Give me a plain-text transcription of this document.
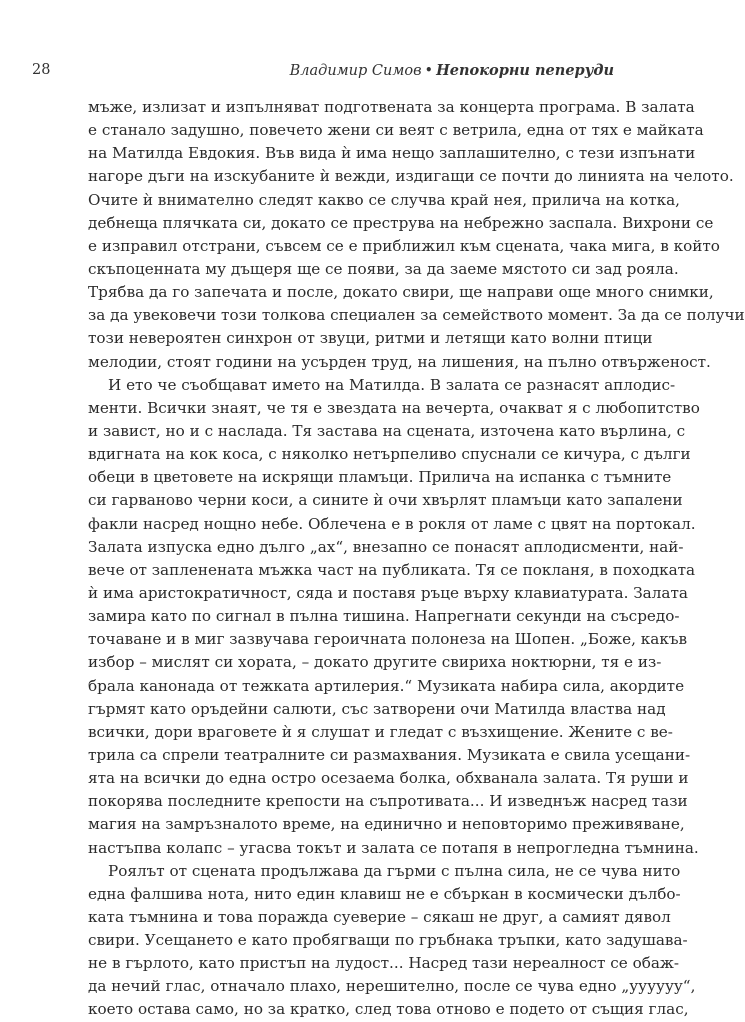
28	Владимир Симов • Непокорни пеперуди
мъже, излизат и изпълняват подготвената за концерта програма. В залата
е станало задушно, повечето жени си веят с ветрила, една от тях е майката
на Матилда Евдокия. Във вида ѝ има нещо заплашително, с тези изпънати
нагоре дъги на изскубаните ѝ вежди, издигащи се почти до линията на челото.
Очите ѝ внимателно следят какво се случва край нея, прилича на котка,
дебнеща плячката си, докато се преструва на небрежно заспала. Вихрони се
е изправил отстрани, съвсем се е приближил към сцената, чака мига, в който
скъпоценната му дъщеря ще се появи, за да заеме мястото си зад рояла.
Трябва да го запечата и после, докато свири, ще направи още много снимки,
за да увековечи този толкова специален за семейството момент. За да се получи
този невероятен синхрон от звуци, ритми и летящи като волни птици
мелодии, стоят години на усърден труд, на лишения, на пълно отвърженост.
И ето че съобщават името на Матилда. В залата се разнасят аплодис-
менти. Всички знаят, че тя е звездата на вечерта, очакват я с любопитство
и завист, но и с наслада. Тя застава на сцената, източена като върлина, с
вдигната на кок коса, с няколко нетърпеливо спуснали се кичура, с дълги
обеци в цветовете на искрящи пламъци. Прилича на испанка с тъмните
си гарваново черни коси, а сините ѝ очи хвърлят пламъци като запалени
факли насред нощно небе. Облечена е в рокля от ламе с цвят на портокал.
Залата изпуска едно дълго „ах“, внезапно се понасят аплодисменти, най-
вече от запленената мъжка част на публиката. Тя се покланя, в походката
ѝ има аристократичност, сяда и поставя ръце върху клавиатурата. Залата
замира като по сигнал в пълна тишина. Напрегнати секунди на съсредо-
точаване и в миг зазвучава героичната полонеза на Шопен. „Боже, какъв
избор – мислят си хората, – докато другите свириха ноктюрни, тя е из-
брала канонада от тежката артилерия.“ Музиката набира сила, акордите
гърмят като оръдейни салюти, със затворени очи Матилда властва над
всички, дори враговете ѝ я слушат и гледат с възхищение. Жените с ве-
трила са спрели театралните си размахвания. Музиката е свила усещани-
ята на всички до една остро осезаема болка, обхванала залата. Тя руши и
покорява последните крепости на съпротивата... И изведнъж насред тази
магия на замръзналото време, на единично и неповторимо преживяване,
настъпва колапс – угасва токът и залата се потапя в непрогледна тъмнина.
Роялът от сцената продължава да гърми с пълна сила, не се чува нито
една фалшива нота, нито един клавиш не е сбъркан в космически дълбо-
ката тъмнина и това поражда суеверие – сякаш не друг, а самият дявол
свири. Усещането е като пробягващи по гръбнака тръпки, като задушава-
не в гърлото, като пристъп на лудост... Насред тази нереалност се обаж-
да нечий глас, отначало плахо, нерешително, после се чува едно „уууууу“,
което остава само, но за кратко, след това отново е подето от същия глас,
